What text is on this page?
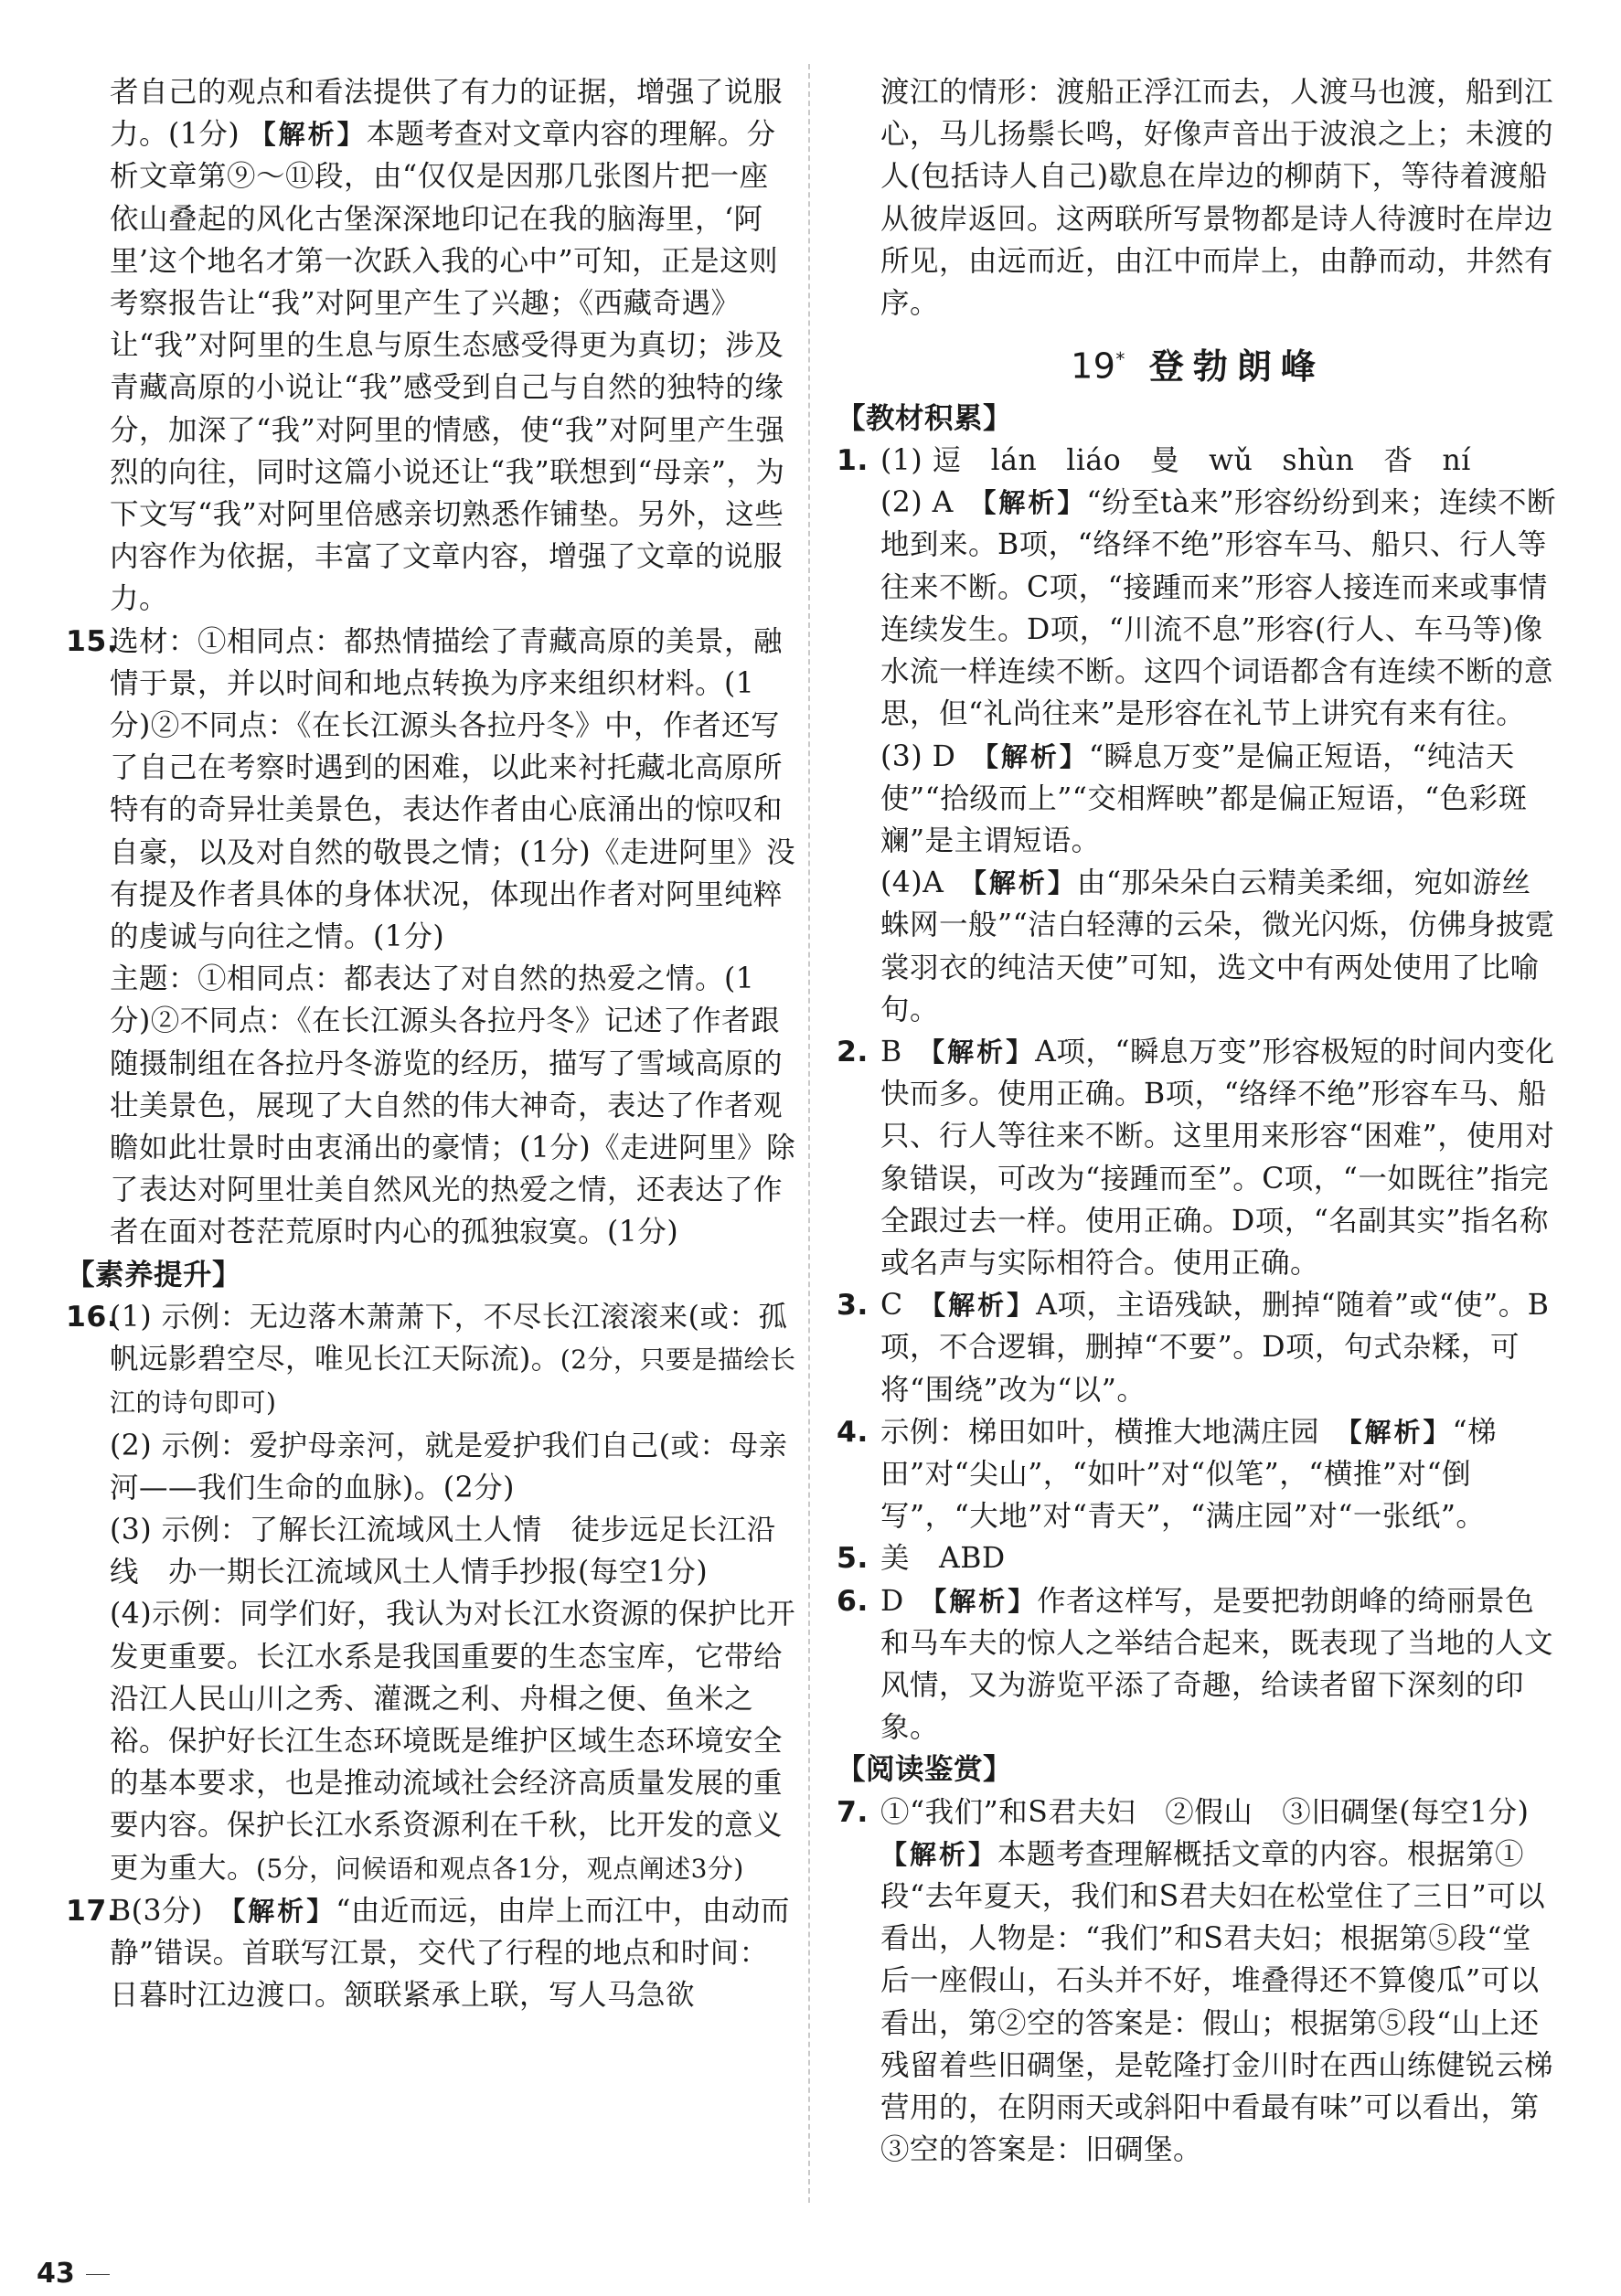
者自己的观点和看法提供了有力的证据，增强了说服力。(1分) 【解析】本题考查对文章内容的理解。分析文章第⑨～⑪段，由“仅仅是因那几张图片把一座依山叠起的风化古堡深深地印记在我的脑海里，‘阿里’这个地名才第一次跃入我的心中”可知，正是这则考察报告让“我”对阿里产生了兴趣；《西藏奇遇》让“我”对阿里的生息与原生态感受得更为真切；涉及青藏高原的小说让“我”感受到自己与自然的独特的缘分，加深了“我”对阿里的情感，使“我”对阿里产生强烈的向往，同时这篇小说还让“我”联想到“母亲”，为下文写“我”对阿里倍感亲切熟悉作铺垫。另外，这些内容作为依据，丰富了文章内容，增强了文章的说服力。
15.
选材：①相同点：都热情描绘了青藏高原的美景，融情于景，并以时间和地点转换为序来组织材料。(1分)②不同点：《在长江源头各拉丹冬》中，作者还写了自己在考察时遇到的困难，以此来衬托藏北高原所特有的奇异壮美景色，表达作者由心底涌出的惊叹和自豪，以及对自然的敬畏之情；(1分)《走进阿里》没有提及作者具体的身体状况，体现出作者对阿里纯粹的虔诚与向往之情。(1分)
主题：①相同点：都表达了对自然的热爱之情。(1分)②不同点：《在长江源头各拉丹冬》记述了作者跟随摄制组在各拉丹冬游览的经历，描写了雪域高原的壮美景色，展现了大自然的伟大神奇，表达了作者观瞻如此壮景时由衷涌出的豪情；(1分)《走进阿里》除了表达对阿里壮美自然风光的热爱之情，还表达了作者在面对苍茫荒原时内心的孤独寂寞。(1分)
【素养提升】
16.
(1) 示例：无边落木萧萧下，不尽长江滚滚来(或：孤帆远影碧空尽，唯见长江天际流)。(2分，只要是描绘长江的诗句即可)
(2) 示例：爱护母亲河，就是爱护我们自己(或：母亲河——我们生命的血脉)。(2分)
(3) 示例：了解长江流域风土人情　徒步远足长江沿线　办一期长江流域风土人情手抄报(每空1分)
(4)示例：同学们好，我认为对长江水资源的保护比开发更重要。长江水系是我国重要的生态宝库，它带给沿江人民山川之秀、灌溉之利、舟楫之便、鱼米之裕。保护好长江生态环境既是维护区域生态环境安全的基本要求，也是推动流域社会经济高质量发展的重要内容。保护长江水系资源利在千秋，比开发的意义更为重大。(5分，问候语和观点各1分，观点阐述3分)
17.
B(3分)　【解析】“由近而远，由岸上而江中，由动而静”错误。首联写江景，交代了行程的地点和时间：日暮时江边渡口。颔联紧承上联，写人马急欲
渡江的情形：渡船正浮江而去，人渡马也渡，船到江心，马儿扬鬃长鸣，好像声音出于波浪之上；未渡的人(包括诗人自己)歇息在岸边的柳荫下，等待着渡船从彼岸返回。这两联所写景物都是诗人待渡时在岸边所见，由远而近，由江中而岸上，由静而动，井然有序。
19* 登勃朗峰
【教材积累】
1. (1) 逗　lán　liáo　曼　wǔ　shùn　沓　ní
(2) A　【解析】“纷至tà来”形容纷纷到来；连续不断地到来。B项，“络绎不绝”形容车马、船只、行人等往来不断。C项，“接踵而来”形容人接连而来或事情连续发生。D项，“川流不息”形容(行人、车马等)像水流一样连续不断。这四个词语都含有连续不断的意思，但“礼尚往来”是形容在礼节上讲究有来有往。
(3) D　【解析】“瞬息万变”是偏正短语，“纯洁天使”“拾级而上”“交相辉映”都是偏正短语，“色彩斑斓”是主谓短语。
(4)A　【解析】由“那朵朵白云精美柔细，宛如游丝蛛网一般”“洁白轻薄的云朵，微光闪烁，仿佛身披霓裳羽衣的纯洁天使”可知，选文中有两处使用了比喻句。
2. B　【解析】A项，“瞬息万变”形容极短的时间内变化快而多。使用正确。B项，“络绎不绝”形容车马、船只、行人等往来不断。这里用来形容“困难”，使用对象错误，可改为“接踵而至”。C项，“一如既往”指完全跟过去一样。使用正确。D项，“名副其实”指名称或名声与实际相符合。使用正确。
3. C　【解析】A项，主语残缺，删掉“随着”或“使”。B项，不合逻辑，删掉“不要”。D项，句式杂糅，可将“围绕”改为“以”。
4. 示例：梯田如叶，横推大地满庄园　【解析】“梯田”对“尖山”，“如叶”对“似笔”，“横推”对“倒写”，“大地”对“青天”，“满庄园”对“一张纸”。
5. 美　ABD
6. D　【解析】作者这样写，是要把勃朗峰的绮丽景色和马车夫的惊人之举结合起来，既表现了当地的人文风情，又为游览平添了奇趣，给读者留下深刻的印象。
【阅读鉴赏】
7. ①“我们”和S君夫妇　②假山　③旧碉堡(每空1分)　【解析】本题考查理解概括文章的内容。根据第①段“去年夏天，我们和S君夫妇在松堂住了三日”可以看出，人物是：“我们”和S君夫妇；根据第⑤段“堂后一座假山，石头并不好，堆叠得还不算傻瓜”可以看出，第②空的答案是：假山；根据第⑤段“山上还残留着些旧碉堡，是乾隆打金川时在西山练健锐云梯营用的，在阴雨天或斜阳中看最有味”可以看出，第③空的答案是：旧碉堡。
43
